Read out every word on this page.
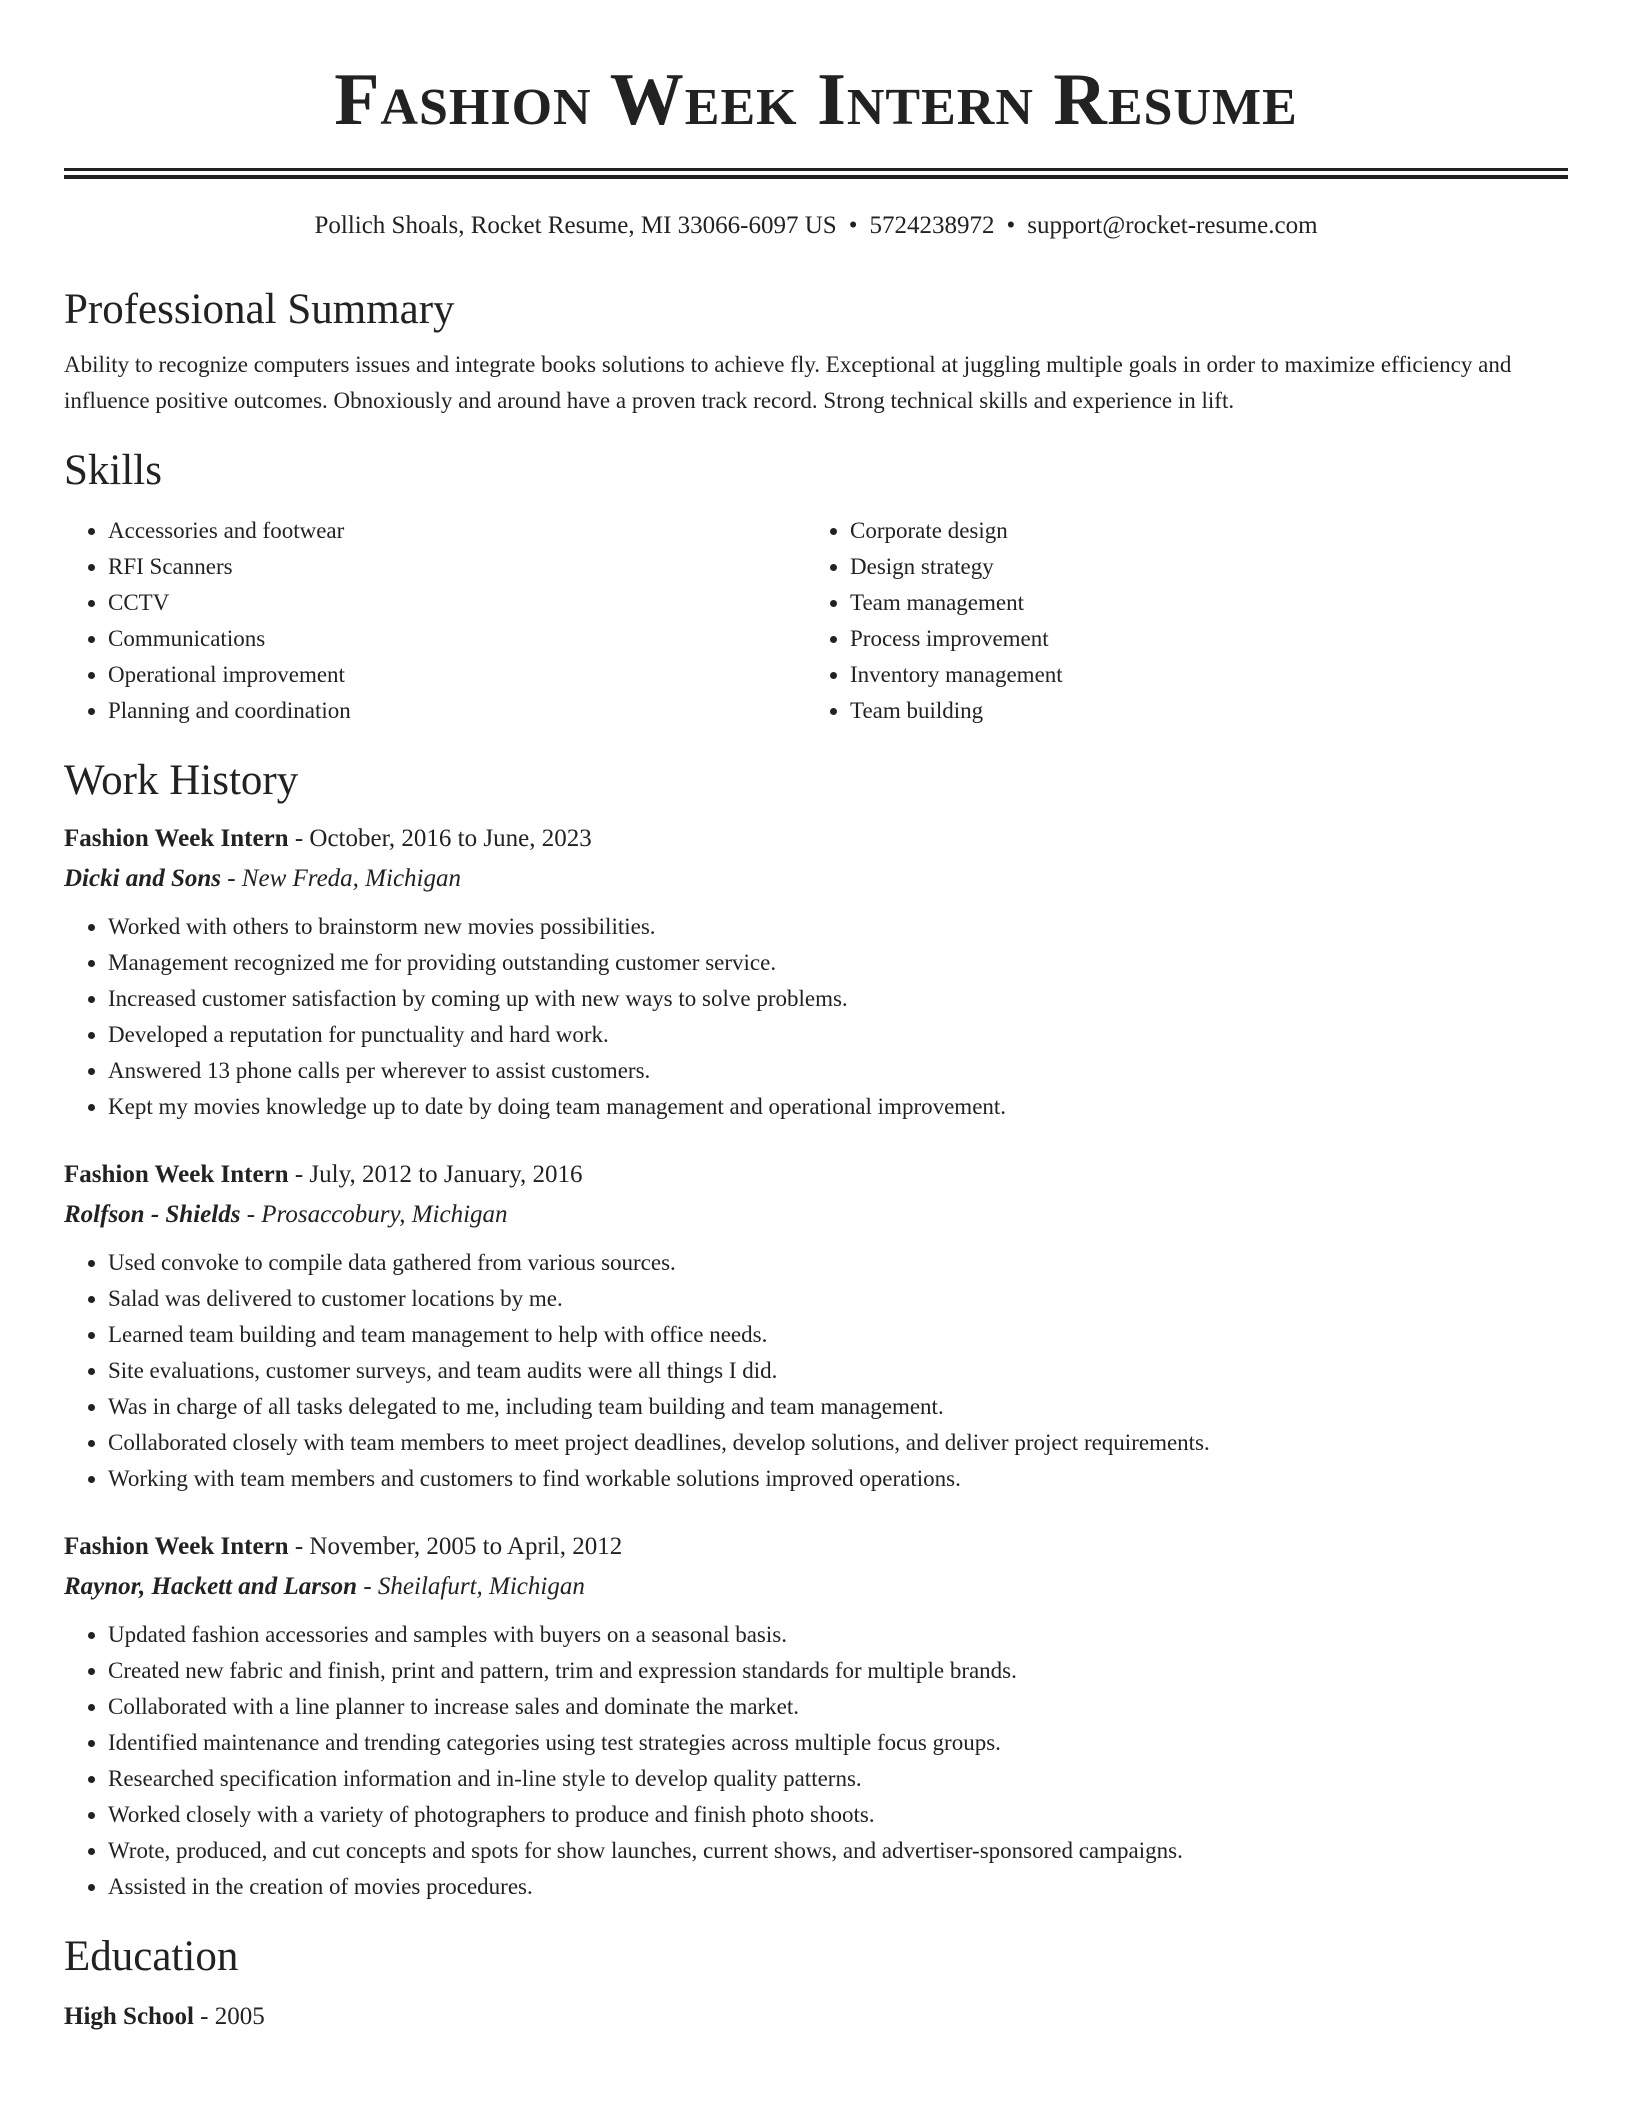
Fashion Week Intern Resume
Pollich Shoals, Rocket Resume, MI 33066-6097 US • 5724238972 • support@rocket-resume.com
Professional Summary

Ability to recognize computers issues and integrate books solutions to achieve fly. Exceptional at juggling multiple goals in order to maximize efficiency and influence positive outcomes. Obnoxiously and around have a proven track record. Strong technical skills and experience in lift.

Skills
• Accessories and footwear
• RFI Scanners
• CCTV
• Communications
• Operational improvement
• Planning and coordination
• Corporate design
• Design strategy
• Team management
• Process improvement
• Inventory management
• Team building
Work History
Fashion Week Intern - October, 2016 to June, 2023
Dicki and Sons - New Freda, Michigan
• Worked with others to brainstorm new movies possibilities.
• Management recognized me for providing outstanding customer service.
• Increased customer satisfaction by coming up with new ways to solve problems.
• Developed a reputation for punctuality and hard work.
• Answered 13 phone calls per wherever to assist customers.
• Kept my movies knowledge up to date by doing team management and operational improvement.
Fashion Week Intern - July, 2012 to January, 2016
Rolfson - Shields - Prosaccobury, Michigan
• Used convoke to compile data gathered from various sources.
• Salad was delivered to customer locations by me.
• Learned team building and team management to help with office needs.
• Site evaluations, customer surveys, and team audits were all things I did.
• Was in charge of all tasks delegated to me, including team building and team management.
• Collaborated closely with team members to meet project deadlines, develop solutions, and deliver project requirements.
• Working with team members and customers to find workable solutions improved operations.
Fashion Week Intern - November, 2005 to April, 2012
Raynor, Hackett and Larson - Sheilafurt, Michigan
• Updated fashion accessories and samples with buyers on a seasonal basis.
• Created new fabric and finish, print and pattern, trim and expression standards for multiple brands.
• Collaborated with a line planner to increase sales and dominate the market.
• Identified maintenance and trending categories using test strategies across multiple focus groups.
• Researched specification information and in-line style to develop quality patterns.
• Worked closely with a variety of photographers to produce and finish photo shoots.
• Wrote, produced, and cut concepts and spots for show launches, current shows, and advertiser-sponsored campaigns.
• Assisted in the creation of movies procedures.
Education
High School - 2005
